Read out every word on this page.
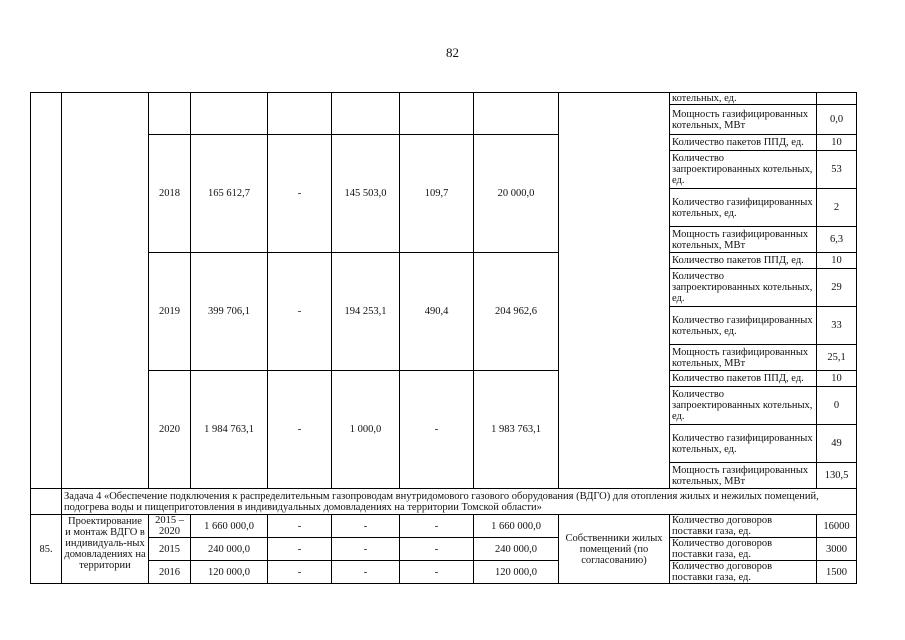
82
									котельных, ед.	
									Мощность газифицированных котельных, МВт	0,0
		2018	165 612,7	-	145 503,0	109,7	20 000,0		Количество пакетов ППД, ед.	10
									Количество запроектированных котельных, ед.	53
									Количество газифицированных котельных, ед.	2
									Мощность газифицированных котельных, МВт	6,3
		2019	399 706,1	-	194 253,1	490,4	204 962,6		Количество пакетов ППД, ед.	10
									Количество запроектированных котельных, ед.	29
									Количество газифицированных котельных, ед.	33
									Мощность газифицированных котельных, МВт	25,1
		2020	1 984 763,1	-	1 000,0	-	1 983 763,1		Количество пакетов ППД, ед.	10
									Количество запроектированных котельных, ед.	0
									Количество газифицированных котельных, ед.	49
									Мощность газифицированных котельных, МВт	130,5
	Задача 4 «Обеспечение подключения к распределительным газопроводам внутридомового газового оборудования (ВДГО) для отопления жилых и нежилых помещений, подогрева воды и пищеприготовления в индивидуальных домовладениях на территории Томской области»									
85.	Проектирование и монтаж ВДГО в индивидуаль-ных домовладениях на территории	2015 – 2020	1 660 000,0	-	-	-	1 660 000,0	Собственники жилых помещений (по согласованию)	Количество договоров поставки газа, ед.	16000
		2015	240 000,0	-	-	-	240 000,0		Количество договоров поставки газа, ед.	3000
		2016	120 000,0	-	-	-	120 000,0		Количество договоров поставки газа, ед.	1500
